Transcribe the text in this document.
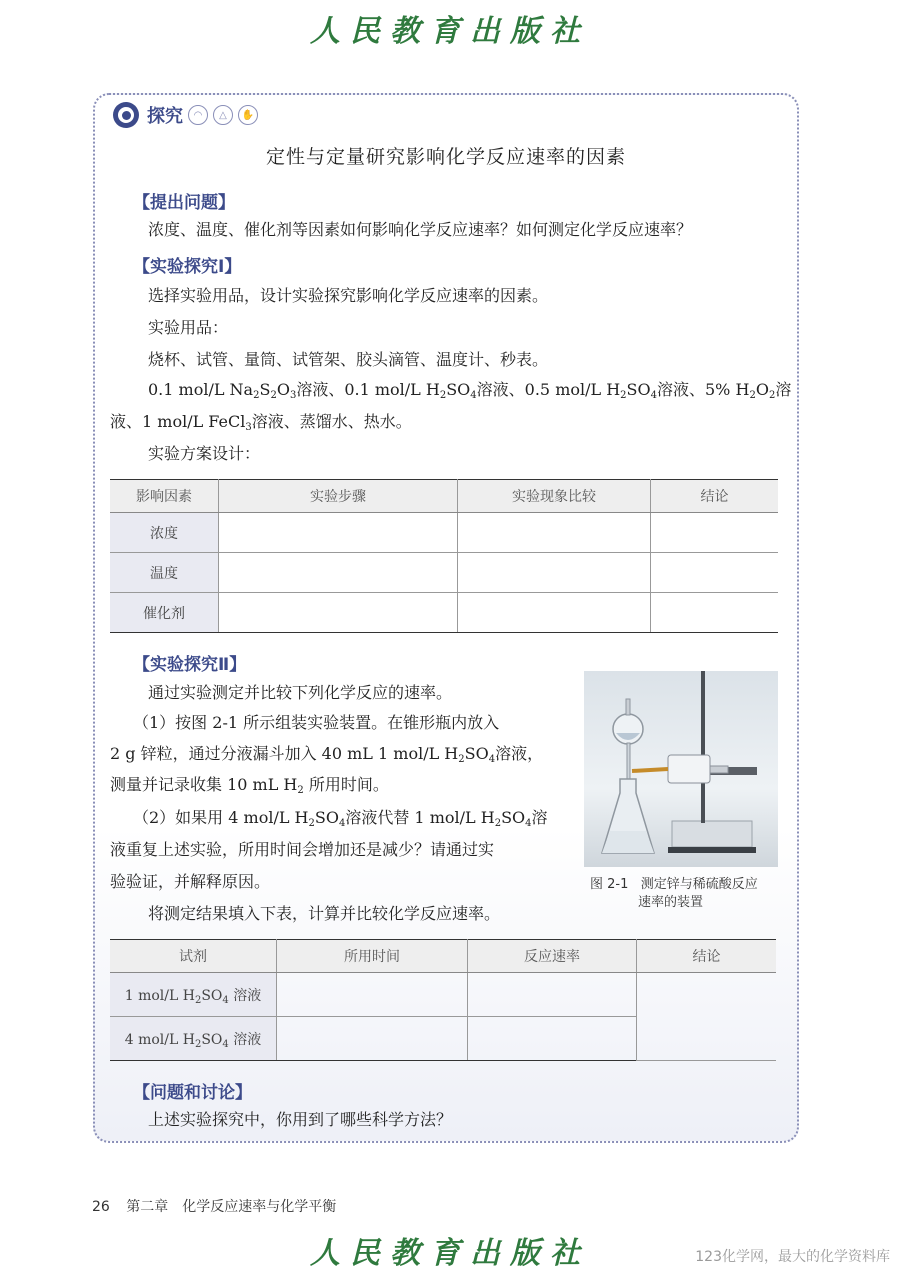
人民教育出版社
探究	◠	△	✋
定性与定量研究影响化学反应速率的因素
【提出问题】
浓度、温度、催化剂等因素如何影响化学反应速率？如何测定化学反应速率？
【实验探究Ⅰ】
选择实验用品，设计实验探究影响化学反应速率的因素。
实验用品：
烧杯、试管、量筒、试管架、胶头滴管、温度计、秒表。
0.1 mol/L $Na_2S_2O_3$溶液、0.1 mol/L $H_2SO_4$溶液、0.5 mol/L $H_2SO_4$溶液、5% $H_2O_2$溶
液、1 mol/L FeCl$_3$溶液、蒸馏水、热水。
实验方案设计：
影响因素	实验步骤	实验现象比较	结论
浓度			
温度			
催化剂			
【实验探究Ⅱ】
通过实验测定并比较下列化学反应的速率。
（1）按图 2-1 所示组装实验装置。在锥形瓶内放入
2 g 锌粒，通过分液漏斗加入 40 mL 1 mol/L $H_2SO_4$溶液，
测量并记录收集 10 mL $H_2$ 所用时间。
（2）如果用 4 mol/L $H_2SO_4$溶液代替 1 mol/L $H_2SO_4$溶
液重复上述实验，所用时间会增加还是减少？请通过实
验验证，并解释原因。
将测定结果填入下表，计算并比较化学反应速率。
图 2-1 测定锌与稀硫酸反应
速率的装置
试剂	所用时间	反应速率	结论
1 mol/L $H_2SO_4$ 溶液			
4 mol/L $H_2SO_4$ 溶液			
【问题和讨论】
上述实验探究中，你用到了哪些科学方法？
26 第二章　化学反应速率与化学平衡
人民教育出版社	123化学网，最大的化学资料库
